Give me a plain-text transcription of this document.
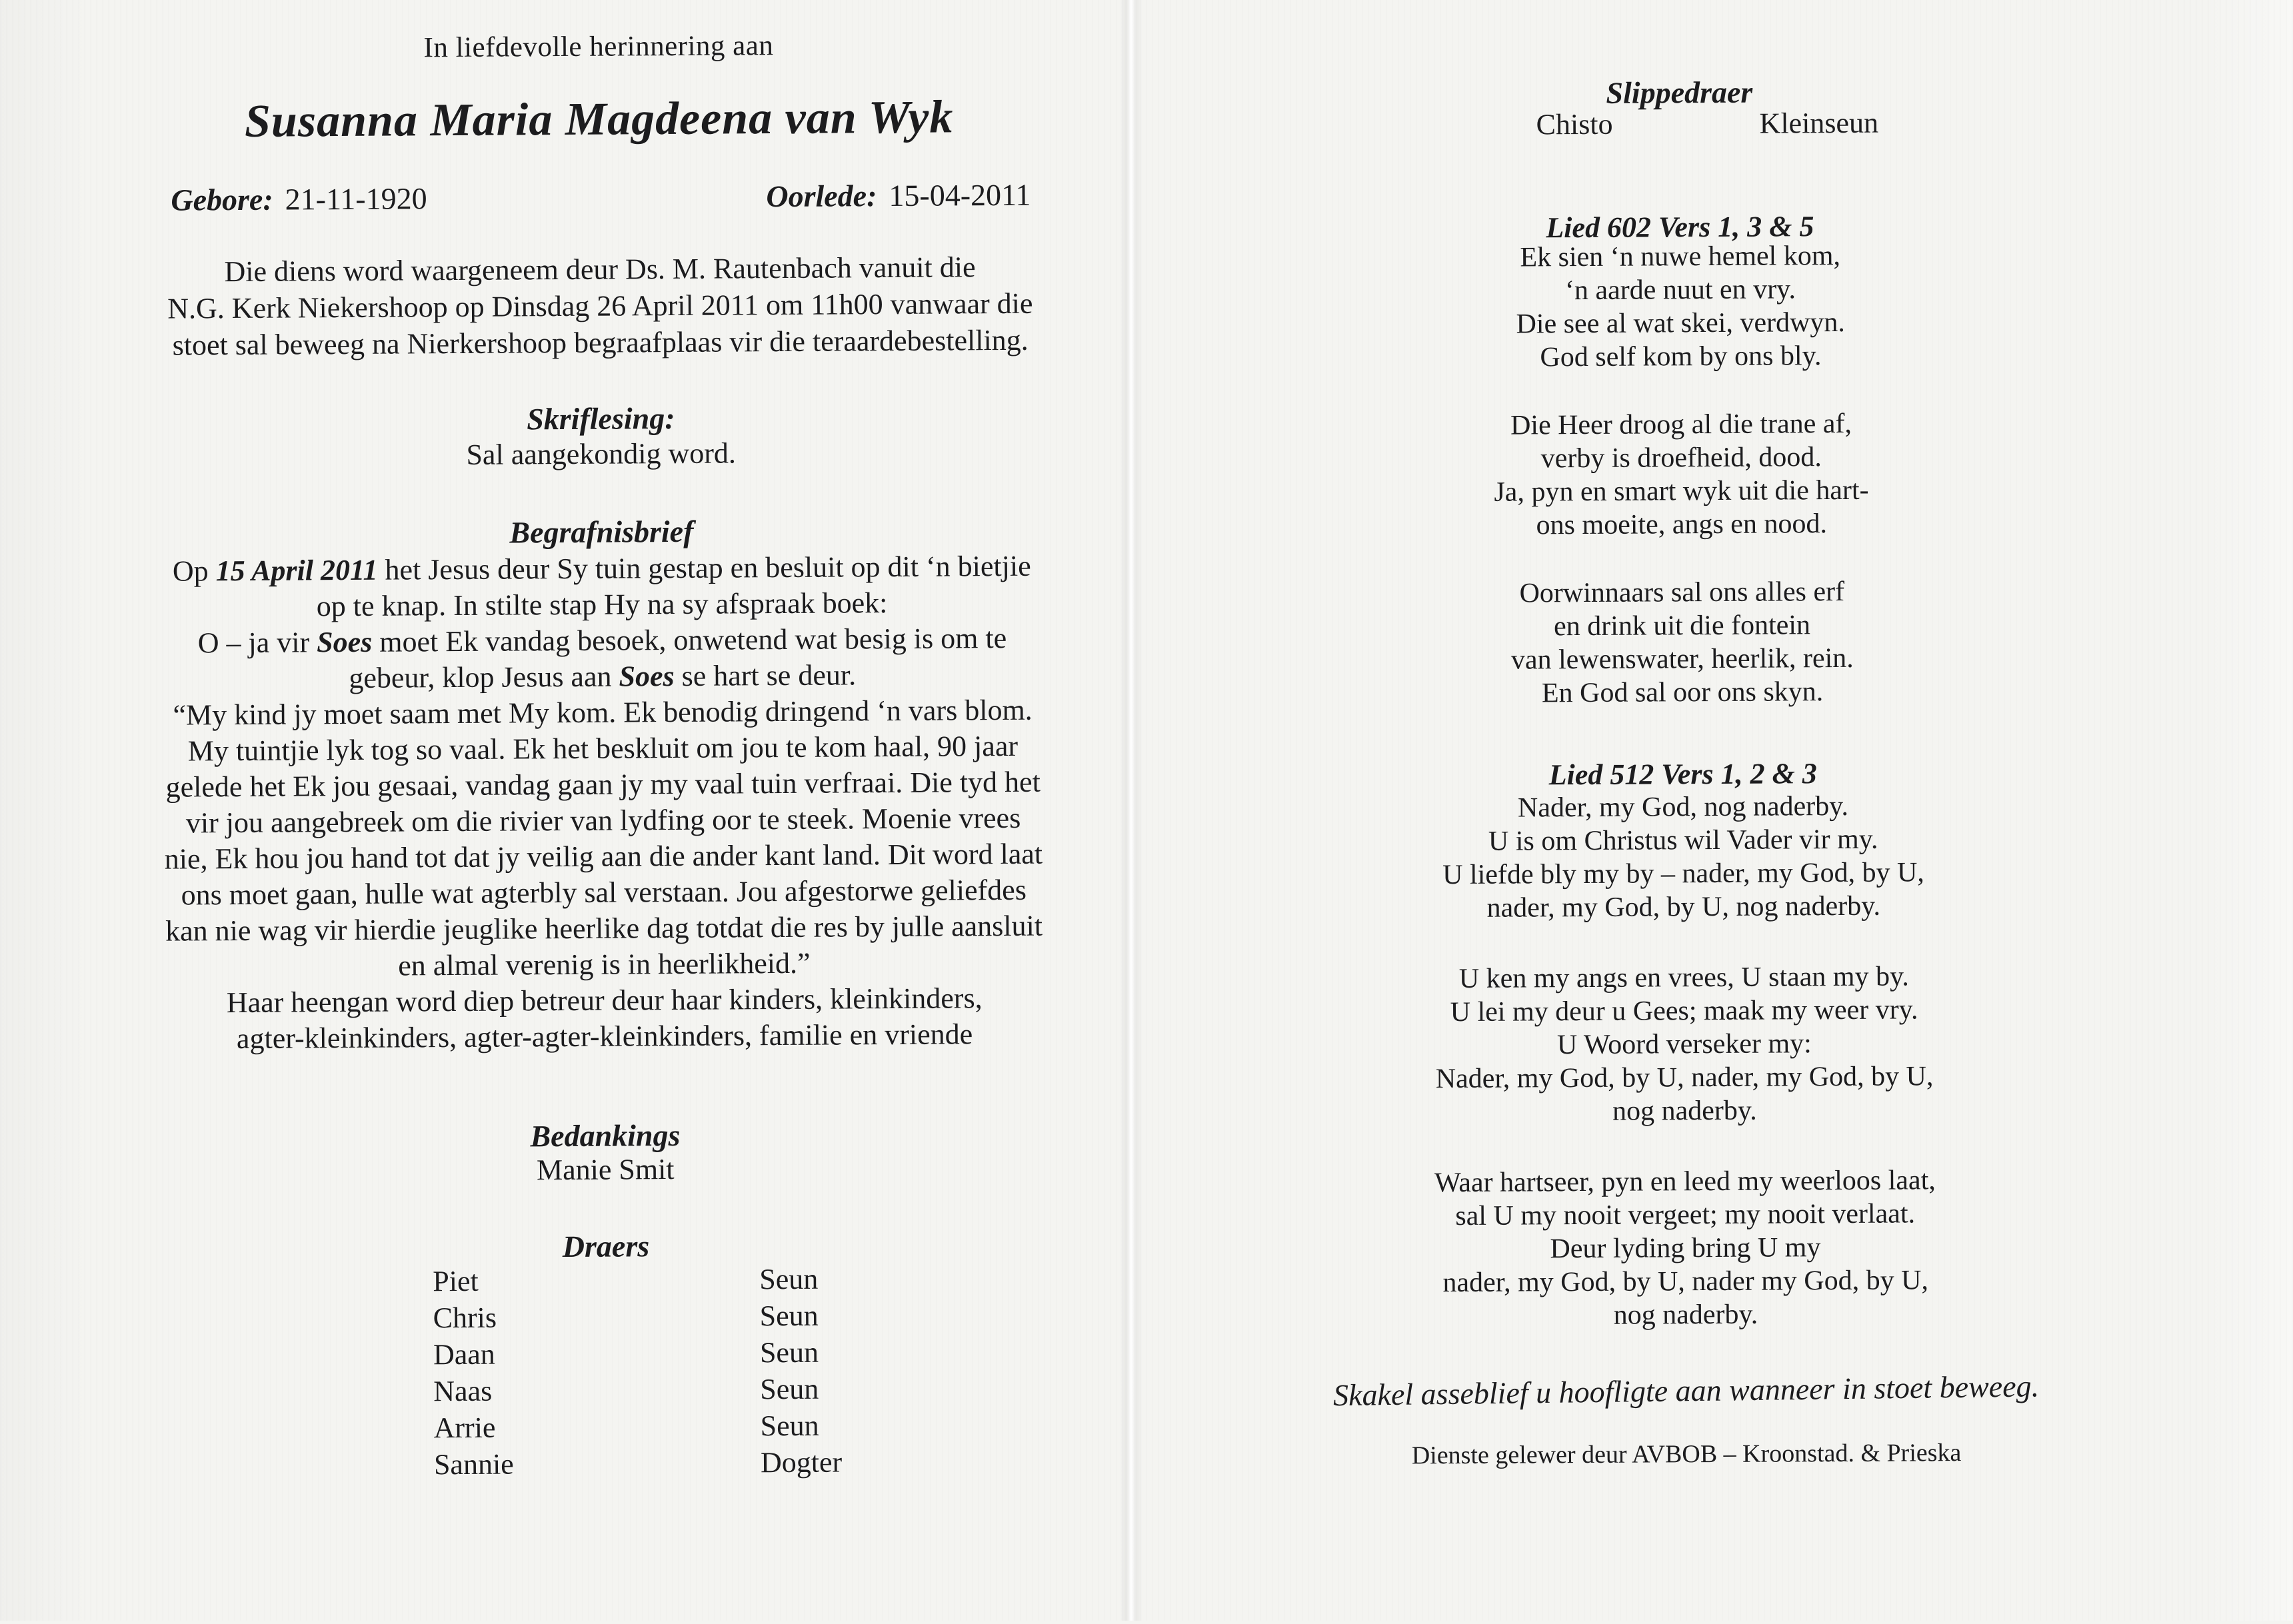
In liefdevolle herinnering aan
Susanna Maria Magdeena van Wyk
Gebore: 21-11-1920	Oorlede: 15-04-2011
Die diens word waargeneem deur Ds. M. Rautenbach vanuit die
N.G. Kerk Niekershoop op Dinsdag 26 April 2011 om 11h00 vanwaar die
stoet sal beweeg na Nierkershoop begraafplaas vir die teraardebestelling.
Skriflesing:
Sal aangekondig word.
Begrafnisbrief
Op 15 April 2011 het Jesus deur Sy tuin gestap en besluit op dit ‘n bietjie
op te knap. In stilte stap Hy na sy afspraak boek:
O – ja vir Soes moet Ek vandag besoek, onwetend wat besig is om te
gebeur, klop Jesus aan Soes se hart se deur.
“My kind jy moet saam met My kom. Ek benodig dringend ‘n vars blom.
My tuintjie lyk tog so vaal. Ek het beskluit om jou te kom haal, 90 jaar
gelede het Ek jou gesaai, vandag gaan jy my vaal tuin verfraai. Die tyd het
vir jou aangebreek om die rivier van lydfing oor te steek. Moenie vrees
nie, Ek hou jou hand tot dat jy veilig aan die ander kant land. Dit word laat
ons moet gaan, hulle wat agterbly sal verstaan. Jou afgestorwe geliefdes
kan nie wag vir hierdie jeuglike heerlike dag totdat die res by julle aansluit
en almal verenig is in heerlikheid.”
Haar heengan word diep betreur deur haar kinders, kleinkinders,
agter-kleinkinders, agter-agter-kleinkinders, familie en vriende
Bedankings
Manie Smit
Draers
Piet	Seun
Chris	Seun
Daan	Seun
Naas	Seun
Arrie	Seun
Sannie	Dogter
Slippedraer
Chisto	Kleinseun
Lied 602 Vers 1, 3 & 5
Ek sien ‘n nuwe hemel kom,
‘n aarde nuut en vry.
Die see al wat skei, verdwyn.
God self kom by ons bly.
Die Heer droog al die trane af,
verby is droefheid, dood.
Ja, pyn en smart wyk uit die hart-
ons moeite, angs en nood.
Oorwinnaars sal ons alles erf
en drink uit die fontein
van lewenswater, heerlik, rein.
En God sal oor ons skyn.
Lied 512 Vers 1, 2 & 3
Nader, my God, nog naderby.
U is om Christus wil Vader vir my.
U liefde bly my by – nader, my God, by U,
nader, my God, by U, nog naderby.
U ken my angs en vrees, U staan my by.
U lei my deur u Gees; maak my weer vry.
U Woord verseker my:
Nader, my God, by U, nader, my God, by U,
nog naderby.
Waar hartseer, pyn en leed my weerloos laat,
sal U my nooit vergeet; my nooit verlaat.
Deur lyding bring U my
nader, my God, by U, nader my God, by U,
nog naderby.
Skakel asseblief u hoofligte aan wanneer in stoet beweeg.
Dienste gelewer deur AVBOB – Kroonstad. & Prieska
